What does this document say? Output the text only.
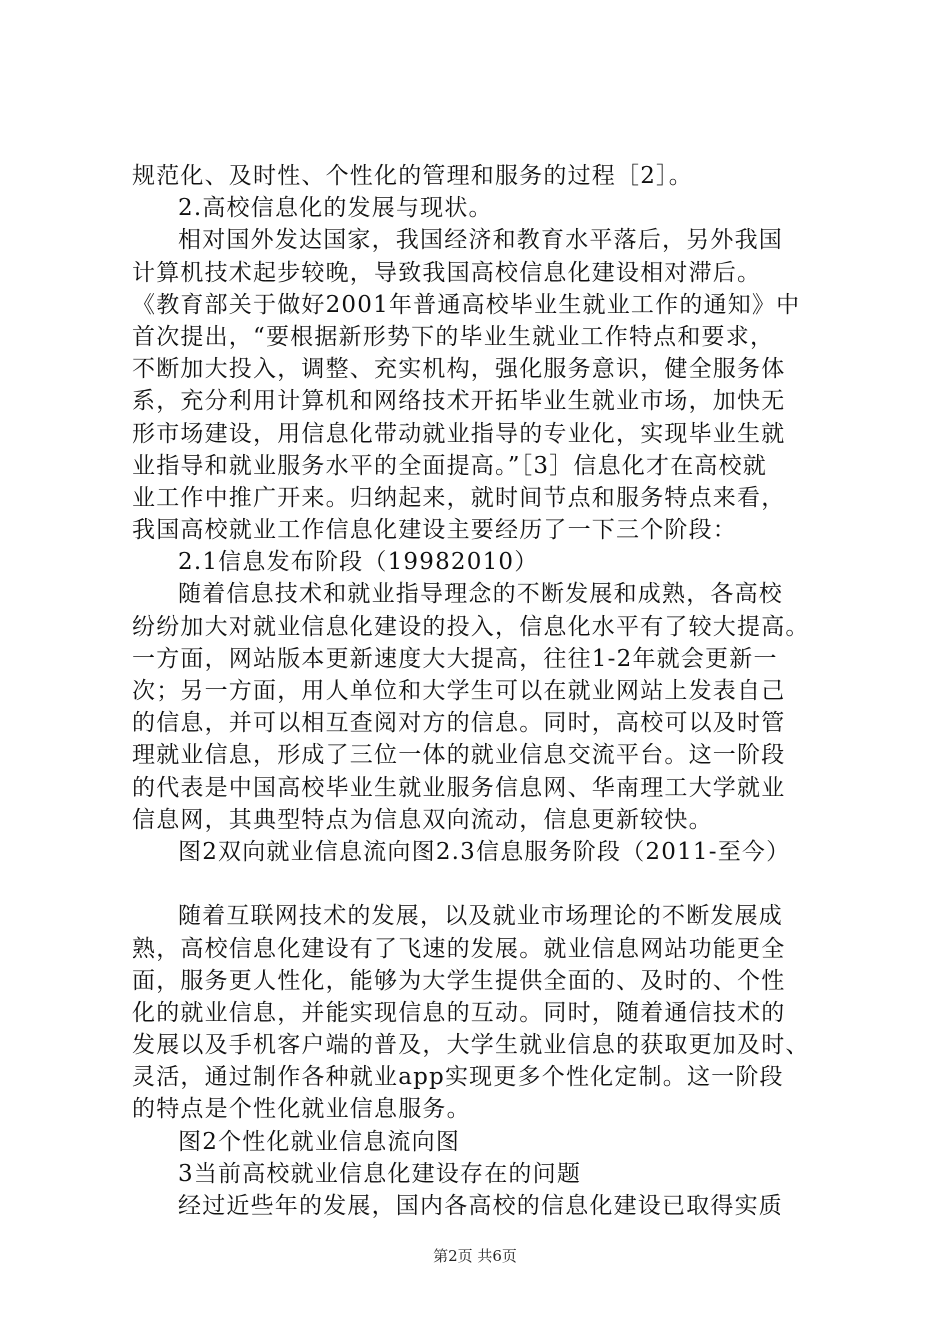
规范化、及时性、个性化的管理和服务的过程［2］。
2.高校信息化的发展与现状。
相对国外发达国家，我国经济和教育水平落后，另外我国
计算机技术起步较晚，导致我国高校信息化建设相对滞后。
《教育部关于做好2001年普通高校毕业生就业工作的通知》中
首次提出，“要根据新形势下的毕业生就业工作特点和要求，
不断加大投入，调整、充实机构，强化服务意识，健全服务体
系，充分利用计算机和网络技术开拓毕业生就业市场，加快无
形市场建设，用信息化带动就业指导的专业化，实现毕业生就
业指导和就业服务水平的全面提高。”［3］信息化才在高校就
业工作中推广开来。归纳起来，就时间节点和服务特点来看，
我国高校就业工作信息化建设主要经历了一下三个阶段：
2.1信息发布阶段（19982010）
随着信息技术和就业指导理念的不断发展和成熟，各高校
纷纷加大对就业信息化建设的投入，信息化水平有了较大提高。
一方面，网站版本更新速度大大提高，往往1-2年就会更新一
次；另一方面，用人单位和大学生可以在就业网站上发表自己
的信息，并可以相互查阅对方的信息。同时，高校可以及时管
理就业信息，形成了三位一体的就业信息交流平台。这一阶段
的代表是中国高校毕业生就业服务信息网、华南理工大学就业
信息网，其典型特点为信息双向流动，信息更新较快。
图2双向就业信息流向图2.3信息服务阶段（2011-至今）
随着互联网技术的发展，以及就业市场理论的不断发展成
熟，高校信息化建设有了飞速的发展。就业信息网站功能更全
面，服务更人性化，能够为大学生提供全面的、及时的、个性
化的就业信息，并能实现信息的互动。同时，随着通信技术的
发展以及手机客户端的普及，大学生就业信息的获取更加及时、
灵活，通过制作各种就业app实现更多个性化定制。这一阶段
的特点是个性化就业信息服务。
图2个性化就业信息流向图
3当前高校就业信息化建设存在的问题
经过近些年的发展，国内各高校的信息化建设已取得实质
第2页 共6页
